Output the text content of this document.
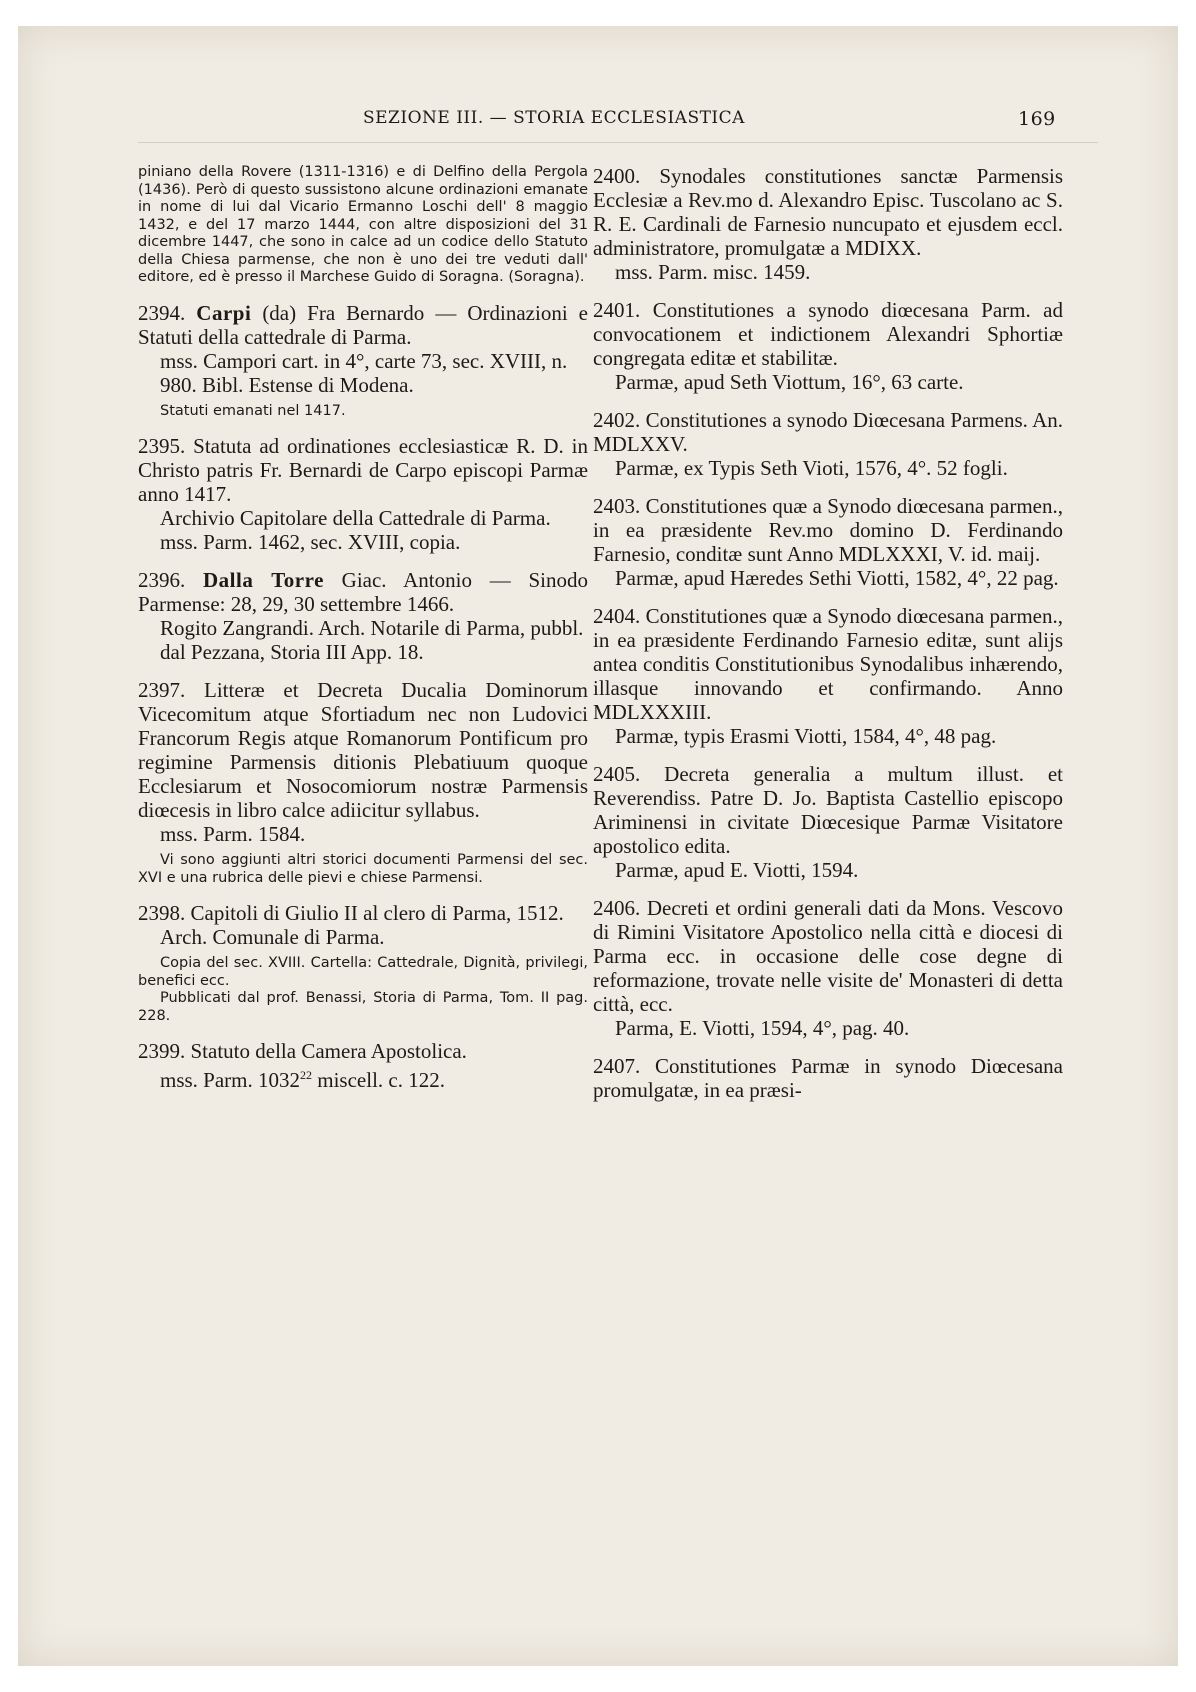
SEZIONE III. — STORIA ECCLESIASTICA	169

piniano della Rovere (1311-1316) e di Delfino della Pergola (1436). Però di questo sussistono alcune ordinazioni emanate in nome di lui dal Vicario Ermanno Loschi dell' 8 maggio 1432, e del 17 marzo 1444, con altre disposizioni del 31 dicembre 1447, che sono in calce ad un codice dello Statuto della Chiesa parmense, che non è uno dei tre veduti dall' editore, ed è presso il Marchese Guido di Soragna. (Soragna).

2394. Carpi (da) Fra Bernardo — Ordinazioni e Statuti della cattedrale di Parma.

mss. Campori cart. in 4°, carte 73, sec. XVIII, n. 980. Bibl. Estense di Modena.

Statuti emanati nel 1417.

2395. Statuta ad ordinationes ecclesiasticæ R. D. in Christo patris Fr. Bernardi de Carpo episcopi Parmæ anno 1417.

Archivio Capitolare della Cattedrale di Parma.

mss. Parm. 1462, sec. XVIII, copia.

2396. Dalla Torre Giac. Antonio — Sinodo Parmense: 28, 29, 30 settembre 1466.

Rogito Zangrandi. Arch. Notarile di Parma, pubbl. dal Pezzana, Storia III App. 18.

2397. Litteræ et Decreta Ducalia Dominorum Vicecomitum atque Sfortiadum nec non Ludovici Francorum Regis atque Romanorum Pontificum pro regimine Parmensis ditionis Plebatiuum quoque Ecclesiarum et Nosocomiorum nostræ Parmensis diœcesis in libro calce adiicitur syllabus.

mss. Parm. 1584.

Vi sono aggiunti altri storici documenti Parmensi del sec. XVI e una rubrica delle pievi e chiese Parmensi.

2398. Capitoli di Giulio II al clero di Parma, 1512.

Arch. Comunale di Parma.

Copia del sec. XVIII. Cartella: Cattedrale, Dignità, privilegi, benefici ecc.

Pubblicati dal prof. Benassi, Storia di Parma, Tom. II pag. 228.

2399. Statuto della Camera Apostolica.

mss. Parm. 1032$^{22}$ miscell. c. 122.

2400. Synodales constitutiones sanctæ Parmensis Ecclesiæ a Rev.mo d. Alexandro Episc. Tuscolano ac S. R. E. Cardinali de Farnesio nuncupato et ejusdem eccl. administratore, promulgatæ a MDIXX.

mss. Parm. misc. 1459.

2401. Constitutiones a synodo diœcesana Parm. ad convocationem et indictionem Alexandri Sphortiæ congregata editæ et stabilitæ.

Parmæ, apud Seth Viottum, 16°, 63 carte.

2402. Constitutiones a synodo Diœcesana Parmens. An. MDLXXV.

Parmæ, ex Typis Seth Vioti, 1576, 4°. 52 fogli.

2403. Constitutiones quæ a Synodo diœcesana parmen., in ea præsidente Rev.mo domino D. Ferdinando Farnesio, conditæ sunt Anno MDLXXXI, V. id. maij.

Parmæ, apud Hæredes Sethi Viotti, 1582, 4°, 22 pag.

2404. Constitutiones quæ a Synodo diœcesana parmen., in ea præsidente Ferdinando Farnesio editæ, sunt alijs antea conditis Constitutionibus Synodalibus inhærendo, illasque innovando et confirmando. Anno MDLXXXIII.

Parmæ, typis Erasmi Viotti, 1584, 4°, 48 pag.

2405. Decreta generalia a multum illust. et Reverendiss. Patre D. Jo. Baptista Castellio episcopo Ariminensi in civitate Diœcesique Parmæ Visitatore apostolico edita.

Parmæ, apud E. Viotti, 1594.

2406. Decreti et ordini generali dati da Mons. Vescovo di Rimini Visitatore Apostolico nella città e diocesi di Parma ecc. in occasione delle cose degne di reformazione, trovate nelle visite de' Monasteri di detta città, ecc.

Parma, E. Viotti, 1594, 4°, pag. 40.

2407. Constitutiones Parmæ in synodo Diœcesana promulgatæ, in ea præsi-
